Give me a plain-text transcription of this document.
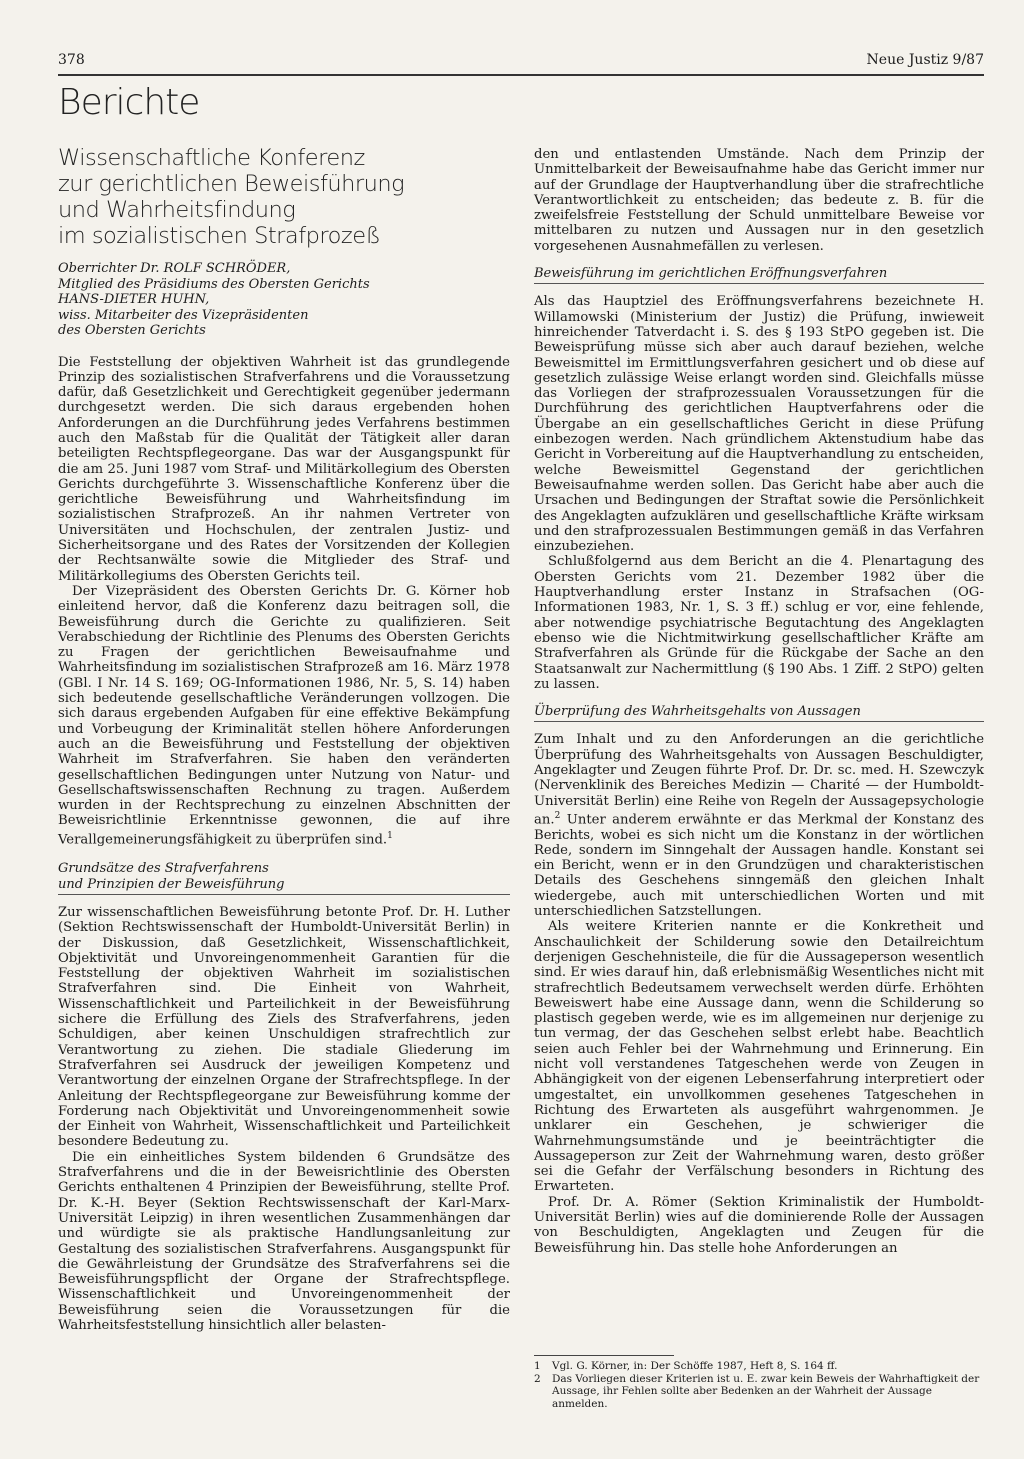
378	Neue Justiz 9/87
Berichte
Wissenschaftliche Konferenz
zur gerichtlichen Beweisführung
und Wahrheitsfindung
im sozialistischen Strafprozeß
Oberrichter Dr. ROLF SCHRÖDER,
Mitglied des Präsidiums des Obersten Gerichts
HANS-DIETER HUHN,
wiss. Mitarbeiter des Vizepräsidenten
des Obersten Gerichts

Die Feststellung der objektiven Wahrheit ist das grundlegende Prinzip des sozialistischen Strafverfahrens und die Voraussetzung dafür, daß Gesetzlichkeit und Gerechtigkeit gegenüber jedermann durchgesetzt werden. Die sich daraus ergebenden hohen Anforderungen an die Durchführung jedes Verfahrens bestimmen auch den Maßstab für die Qualität der Tätigkeit aller daran beteiligten Rechtspflegeorgane. Das war der Ausgangspunkt für die am 25. Juni 1987 vom Straf- und Militärkollegium des Obersten Gerichts durchgeführte 3. Wissenschaftliche Konferenz über die gerichtliche Beweisführung und Wahrheitsfindung im sozialistischen Strafprozeß. An ihr nahmen Vertreter von Universitäten und Hochschulen, der zentralen Justiz- und Sicherheitsorgane und des Rates der Vorsitzenden der Kollegien der Rechtsanwälte sowie die Mitglieder des Straf- und Militärkollegiums des Obersten Gerichts teil.

Der Vizepräsident des Obersten Gerichts Dr. G. Körner hob einleitend hervor, daß die Konferenz dazu beitragen soll, die Beweisführung durch die Gerichte zu qualifizieren. Seit Verabschiedung der Richtlinie des Plenums des Obersten Gerichts zu Fragen der gerichtlichen Beweisaufnahme und Wahrheitsfindung im sozialistischen Strafprozeß am 16. März 1978 (GBl. I Nr. 14 S. 169; OG-Informationen 1986, Nr. 5, S. 14) haben sich bedeutende gesellschaftliche Veränderungen vollzogen. Die sich daraus ergebenden Aufgaben für eine effektive Bekämpfung und Vorbeugung der Kriminalität stellen höhere Anforderungen auch an die Beweisführung und Feststellung der objektiven Wahrheit im Strafverfahren. Sie haben den veränderten gesellschaftlichen Bedingungen unter Nutzung von Natur- und Gesellschaftswissenschaften Rechnung zu tragen. Außerdem wurden in der Rechtsprechung zu einzelnen Abschnitten der Beweisrichtlinie Erkenntnisse gewonnen, die auf ihre Verallgemeinerungsfähigkeit zu überprüfen sind.$^1$

Grundsätze des Strafverfahrens
und Prinzipien der Beweisführung

Zur wissenschaftlichen Beweisführung betonte Prof. Dr. H. Luther (Sektion Rechtswissenschaft der Humboldt-Universität Berlin) in der Diskussion, daß Gesetzlichkeit, Wissenschaftlichkeit, Objektivität und Unvoreingenommenheit Garantien für die Feststellung der objektiven Wahrheit im sozialistischen Strafverfahren sind. Die Einheit von Wahrheit, Wissenschaftlichkeit und Parteilichkeit in der Beweisführung sichere die Erfüllung des Ziels des Strafverfahrens, jeden Schuldigen, aber keinen Unschuldigen strafrechtlich zur Verantwortung zu ziehen. Die stadiale Gliederung im Strafverfahren sei Ausdruck der jeweiligen Kompetenz und Verantwortung der einzelnen Organe der Strafrechtspflege. In der Anleitung der Rechtspflegeorgane zur Beweisführung komme der Forderung nach Objektivität und Unvoreingenommenheit sowie der Einheit von Wahrheit, Wissenschaftlichkeit und Parteilichkeit besondere Bedeutung zu.

Die ein einheitliches System bildenden 6 Grundsätze des Strafverfahrens und die in der Beweisrichtlinie des Obersten Gerichts enthaltenen 4 Prinzipien der Beweisführung, stellte Prof. Dr. K.-H. Beyer (Sektion Rechtswissenschaft der Karl-Marx-Universität Leipzig) in ihren wesentlichen Zusammenhängen dar und würdigte sie als praktische Handlungsanleitung zur Gestaltung des sozialistischen Strafverfahrens. Ausgangspunkt für die Gewährleistung der Grundsätze des Strafverfahrens sei die Beweisführungspflicht der Organe der Strafrechtspflege. Wissenschaftlichkeit und Unvoreingenommenheit der Beweisführung seien die Voraussetzungen für die Wahrheitsfeststellung hinsichtlich aller belasten-

den und entlastenden Umstände. Nach dem Prinzip der Unmittelbarkeit der Beweisaufnahme habe das Gericht immer nur auf der Grundlage der Hauptverhandlung über die strafrechtliche Verantwortlichkeit zu entscheiden; das bedeute z. B. für die zweifelsfreie Feststellung der Schuld unmittelbare Beweise vor mittelbaren zu nutzen und Aussagen nur in den gesetzlich vorgesehenen Ausnahmefällen zu verlesen.

Beweisführung im gerichtlichen Eröffnungsverfahren

Als das Hauptziel des Eröffnungsverfahrens bezeichnete H. Willamowski (Ministerium der Justiz) die Prüfung, inwieweit hinreichender Tatverdacht i. S. des § 193 StPO gegeben ist. Die Beweisprüfung müsse sich aber auch darauf beziehen, welche Beweismittel im Ermittlungsverfahren gesichert und ob diese auf gesetzlich zulässige Weise erlangt worden sind. Gleichfalls müsse das Vorliegen der strafprozessualen Voraussetzungen für die Durchführung des gerichtlichen Hauptverfahrens oder die Übergabe an ein gesellschaftliches Gericht in diese Prüfung einbezogen werden. Nach gründlichem Aktenstudium habe das Gericht in Vorbereitung auf die Hauptverhandlung zu entscheiden, welche Beweismittel Gegenstand der gerichtlichen Beweisaufnahme werden sollen. Das Gericht habe aber auch die Ursachen und Bedingungen der Straftat sowie die Persönlichkeit des Angeklagten aufzuklären und gesellschaftliche Kräfte wirksam und den strafprozessualen Bestimmungen gemäß in das Verfahren einzubeziehen.

Schlußfolgernd aus dem Bericht an die 4. Plenartagung des Obersten Gerichts vom 21. Dezember 1982 über die Hauptverhandlung erster Instanz in Strafsachen (OG-Informationen 1983, Nr. 1, S. 3 ff.) schlug er vor, eine fehlende, aber notwendige psychiatrische Begutachtung des Angeklagten ebenso wie die Nichtmitwirkung gesellschaftlicher Kräfte am Strafverfahren als Gründe für die Rückgabe der Sache an den Staatsanwalt zur Nachermittlung (§ 190 Abs. 1 Ziff. 2 StPO) gelten zu lassen.

Überprüfung des Wahrheitsgehalts von Aussagen

Zum Inhalt und zu den Anforderungen an die gerichtliche Überprüfung des Wahrheitsgehalts von Aussagen Beschuldigter, Angeklagter und Zeugen führte Prof. Dr. Dr. sc. med. H. Szewczyk (Nervenklinik des Bereiches Medizin — Charité — der Humboldt-Universität Berlin) eine Reihe von Regeln der Aussagepsychologie an.$^2$ Unter anderem erwähnte er das Merkmal der Konstanz des Berichts, wobei es sich nicht um die Konstanz in der wörtlichen Rede, sondern im Sinngehalt der Aussagen handle. Konstant sei ein Bericht, wenn er in den Grundzügen und charakteristischen Details des Geschehens sinngemäß den gleichen Inhalt wiedergebe, auch mit unterschiedlichen Worten und mit unterschiedlichen Satzstellungen.

Als weitere Kriterien nannte er die Konkretheit und Anschaulichkeit der Schilderung sowie den Detailreichtum derjenigen Geschehnisteile, die für die Aussageperson wesentlich sind. Er wies darauf hin, daß erlebnismäßig Wesentliches nicht mit strafrechtlich Bedeutsamem verwechselt werden dürfe. Erhöhten Beweiswert habe eine Aussage dann, wenn die Schilderung so plastisch gegeben werde, wie es im allgemeinen nur derjenige zu tun vermag, der das Geschehen selbst erlebt habe. Beachtlich seien auch Fehler bei der Wahrnehmung und Erinnerung. Ein nicht voll verstandenes Tatgeschehen werde von Zeugen in Abhängigkeit von der eigenen Lebenserfahrung interpretiert oder umgestaltet, ein unvollkommen gesehenes Tatgeschehen in Richtung des Erwarteten als ausgeführt wahrgenommen. Je unklarer ein Geschehen, je schwieriger die Wahrnehmungsumstände und je beeinträchtigter die Aussageperson zur Zeit der Wahrnehmung waren, desto größer sei die Gefahr der Verfälschung besonders in Richtung des Erwarteten.

Prof. Dr. A. Römer (Sektion Kriminalistik der Humboldt-Universität Berlin) wies auf die dominierende Rolle der Aussagen von Beschuldigten, Angeklagten und Zeugen für die Beweisführung hin. Das stelle hohe Anforderungen an

1	Vgl. G. Körner, in: Der Schöffe 1987, Heft 8, S. 164 ff.
2	Das Vorliegen dieser Kriterien ist u. E. zwar kein Beweis der Wahrhaftigkeit der Aussage, ihr Fehlen sollte aber Bedenken an der Wahrheit der Aussage anmelden.
